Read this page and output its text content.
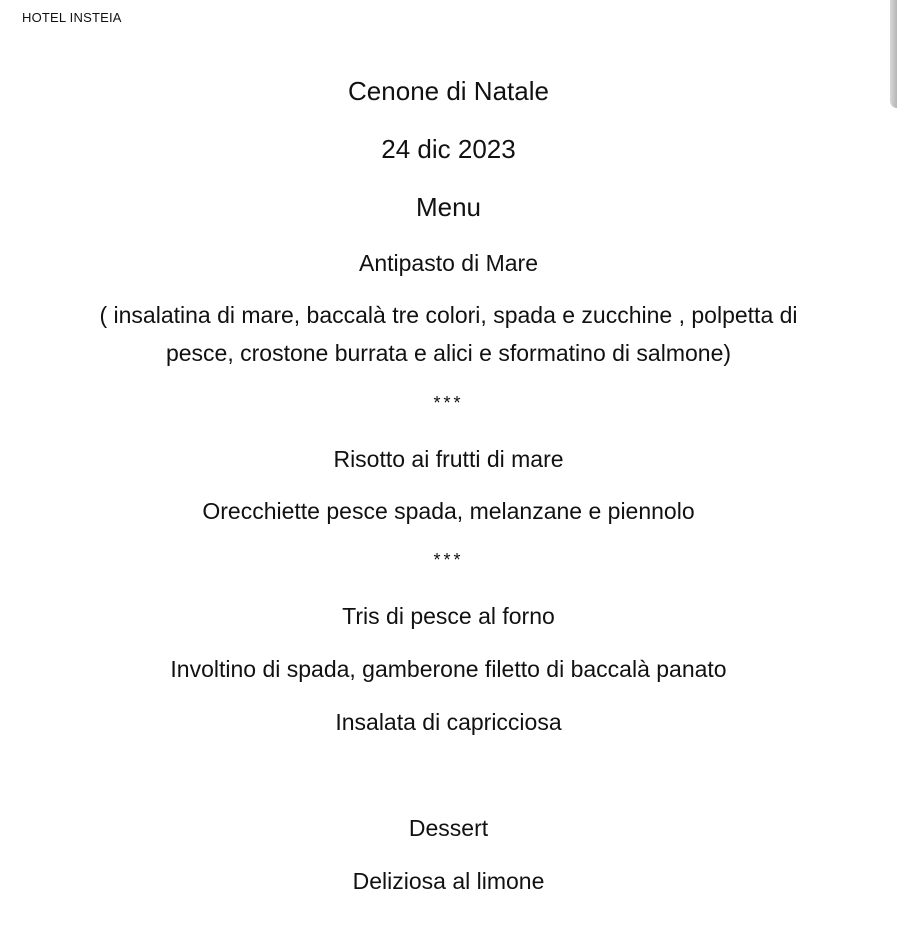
HOTEL INSTEIA
Cenone di Natale
24 dic 2023
Menu
Antipasto di Mare
( insalatina di mare, baccalà tre colori, spada e zucchine , polpetta di
pesce, crostone burrata e alici e sformatino di salmone)
***
Risotto ai frutti di mare
Orecchiette pesce spada, melanzane e piennolo
***
Tris di pesce al forno
Involtino di spada, gamberone filetto di baccalà panato
Insalata di capricciosa
Dessert
Deliziosa al limone
